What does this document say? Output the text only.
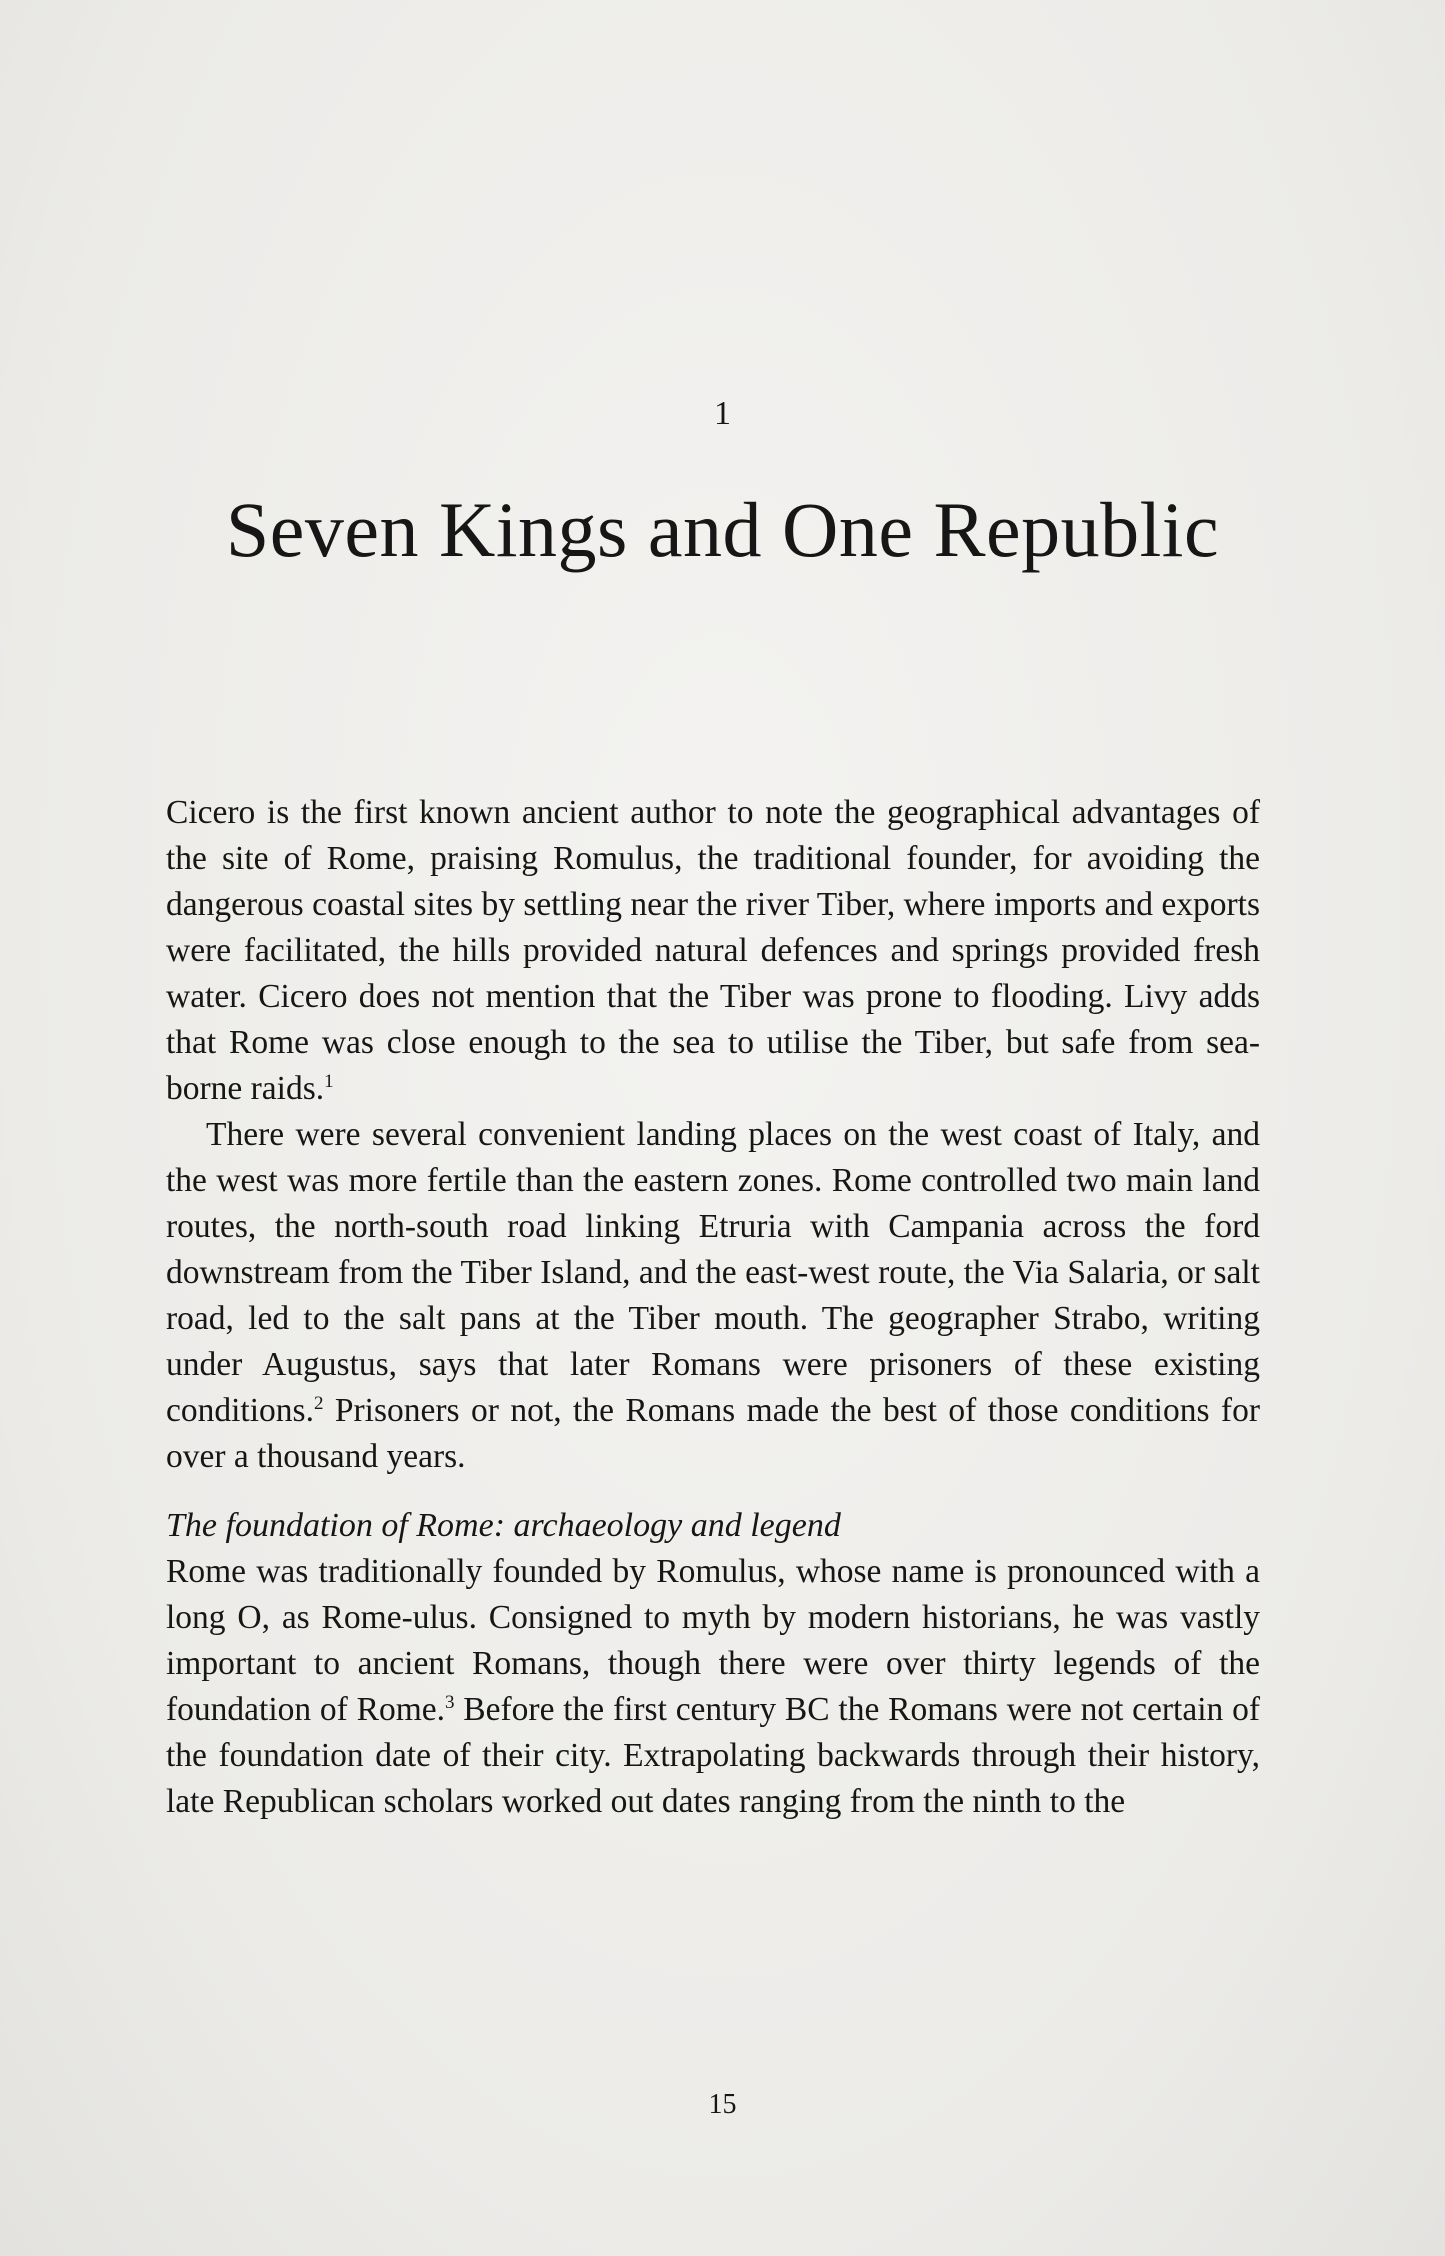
1
Seven Kings and One Republic

Cicero is the first known ancient author to note the geographical advantages of the site of Rome, praising Romulus, the traditional founder, for avoiding the dangerous coastal sites by settling near the river Tiber, where imports and exports were facilitated, the hills provided natural defences and springs provided fresh water. Cicero does not mention that the Tiber was prone to flooding. Livy adds that Rome was close enough to the sea to utilise the Tiber, but safe from sea-borne raids.$^1$

There were several convenient landing places on the west coast of Italy, and the west was more fertile than the eastern zones. Rome controlled two main land routes, the north-south road linking Etruria with Campania across the ford downstream from the Tiber Island, and the east-west route, the Via Salaria, or salt road, led to the salt pans at the Tiber mouth. The geographer Strabo, writing under Augustus, says that later Romans were prisoners of these existing conditions.$^2$ Prisoners or not, the Romans made the best of those conditions for over a thousand years.

The foundation of Rome: archaeology and legend

Rome was traditionally founded by Romulus, whose name is pronounced with a long O, as Rome-ulus. Consigned to myth by modern historians, he was vastly important to ancient Romans, though there were over thirty legends of the foundation of Rome.$^3$ Before the first century BC the Romans were not certain of the foundation date of their city. Extrapolating backwards through their history, late Republican scholars worked out dates ranging from the ninth to the

15
